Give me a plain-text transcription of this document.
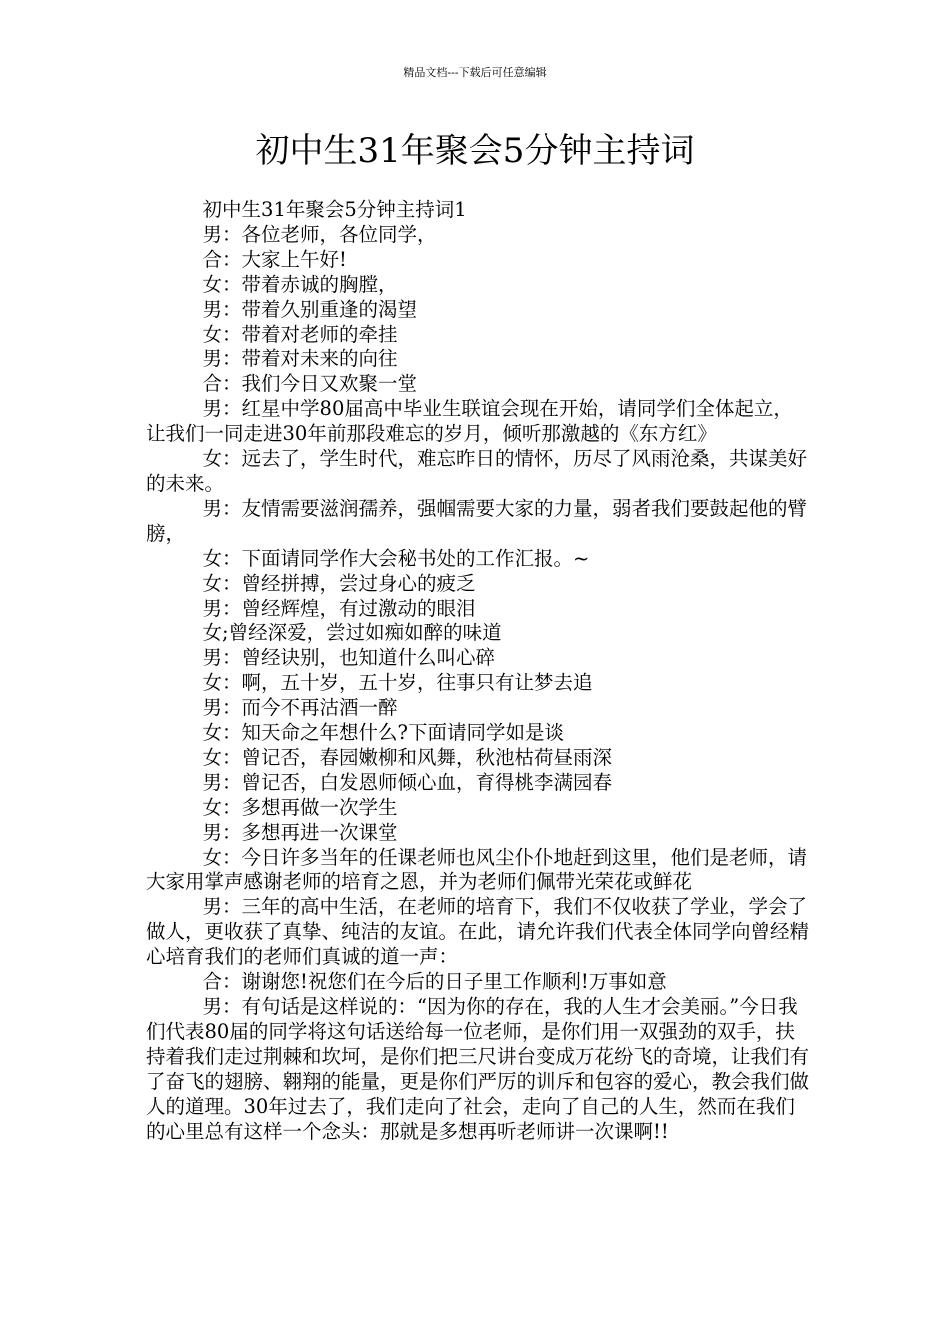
精品文档---下载后可任意编辑
初中生31年聚会5分钟主持词

初中生31年聚会5分钟主持词1

男：各位老师，各位同学，

合：大家上午好!

女：带着赤诚的胸膛，

男：带着久别重逢的渴望

女：带着对老师的牵挂

男：带着对未来的向往

合：我们今日又欢聚一堂

男：红星中学80届高中毕业生联谊会现在开始，请同学们全体起立，让我们一同走进30年前那段难忘的岁月，倾听那激越的《东方红》

女：远去了，学生时代，难忘昨日的情怀，历尽了风雨沧桑，共谋美好的未来。

男：友情需要滋润孺养，强帼需要大家的力量，弱者我们要鼓起他的臂膀，

女：下面请同学作大会秘书处的工作汇报。~

女：曾经拼搏，尝过身心的疲乏

男：曾经辉煌，有过激动的眼泪

女;曾经深爱，尝过如痴如醉的味道

男：曾经诀别，也知道什么叫心碎

女：啊，五十岁，五十岁，往事只有让梦去追

男：而今不再沽酒一醉

女：知天命之年想什么?下面请同学如是谈

女：曾记否，春园嫩柳和风舞，秋池枯荷昼雨深

男：曾记否，白发恩师倾心血，育得桃李满园春

女：多想再做一次学生

男：多想再进一次课堂

女：今日许多当年的任课老师也风尘仆仆地赶到这里，他们是老师，请大家用掌声感谢老师的培育之恩，并为老师们佩带光荣花或鲜花

男：三年的高中生活，在老师的培育下，我们不仅收获了学业，学会了做人，更收获了真挚、纯洁的友谊。在此，请允许我们代表全体同学向曾经精心培育我们的老师们真诚的道一声：

合：谢谢您!祝您们在今后的日子里工作顺利!万事如意

男：有句话是这样说的：“因为你的存在，我的人生才会美丽。”今日我们代表80届的同学将这句话送给每一位老师，是你们用一双强劲的双手，扶持着我们走过荆棘和坎坷，是你们把三尺讲台变成万花纷飞的奇境，让我们有了奋飞的翅膀、翱翔的能量，更是你们严厉的训斥和包容的爱心，教会我们做人的道理。30年过去了，我们走向了社会，走向了自己的人生，然而在我们的心里总有这样一个念头：那就是多想再听老师讲一次课啊!!
